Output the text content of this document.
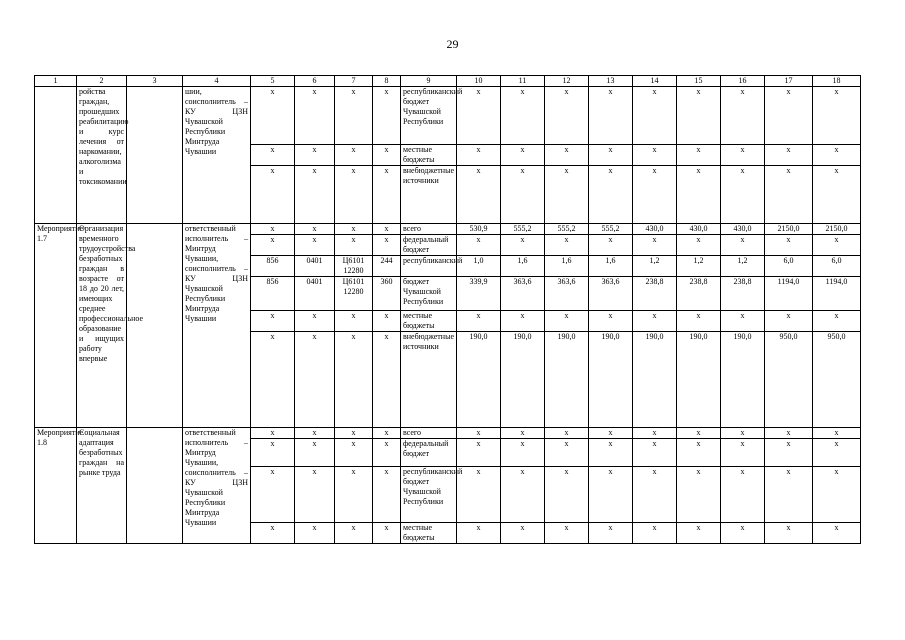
29
1	2	3	4	5	6	7	8	9	10	11	12	13	14	15	16	17	18
	ройства граждан, прошедших реабилитацию и курс лечения от наркомании, алкоголизма и токсикомании		шии, соисполнитель – КУ ЦЗН Чувашской Республики Минтруда Чувашии	x	x	x	x	республиканский бюджет Чувашской Республики	x	x	x	x	x	x	x	x	x
				x	x	x	x	местные бюджеты	x	x	x	x	x	x	x	x	x
				x	x	x	x	внебюджетные источники	x	x	x	x	x	x	x	x	x
Мероприятие 1.7	Организация временного трудоустройства безработных граждан в возрасте от 18 до 20 лет, имеющих среднее профессиональное образование и ищущих работу впервые		ответственный исполнитель – Минтруд Чувашии, соисполнитель – КУ ЦЗН Чувашской Республики Минтруда Чувашии	x	x	x	x	всего	530,9	555,2	555,2	555,2	430,0	430,0	430,0	2150,0	2150,0
				x	x	x	x	федеральный бюджет	x	x	x	x	x	x	x	x	x
				856	0401	Ц6101 12280	244	республиканский	1,0	1,6	1,6	1,6	1,2	1,2	1,2	6,0	6,0
				856	0401	Ц6101 12280	360	бюджет Чувашской Республики	339,9	363,6	363,6	363,6	238,8	238,8	238,8	1194,0	1194,0
				x	x	x	x	местные бюджеты	x	x	x	x	x	x	x	x	x
				x	x	x	x	внебюджетные источники	190,0	190,0	190,0	190,0	190,0	190,0	190,0	950,0	950,0
Мероприятие 1.8	Социальная адаптация безработных граждан на рынке труда		ответственный исполнитель – Минтруд Чувашии, соисполнитель – КУ ЦЗН Чувашской Республики Минтруда Чувашии	x	x	x	x	всего	x	x	x	x	x	x	x	x	x
				x	x	x	x	федеральный бюджет	x	x	x	x	x	x	x	x	x
				x	x	x	x	республиканский бюджет Чувашской Республики	x	x	x	x	x	x	x	x	x
				x	x	x	x	местные бюджеты	x	x	x	x	x	x	x	x	x
